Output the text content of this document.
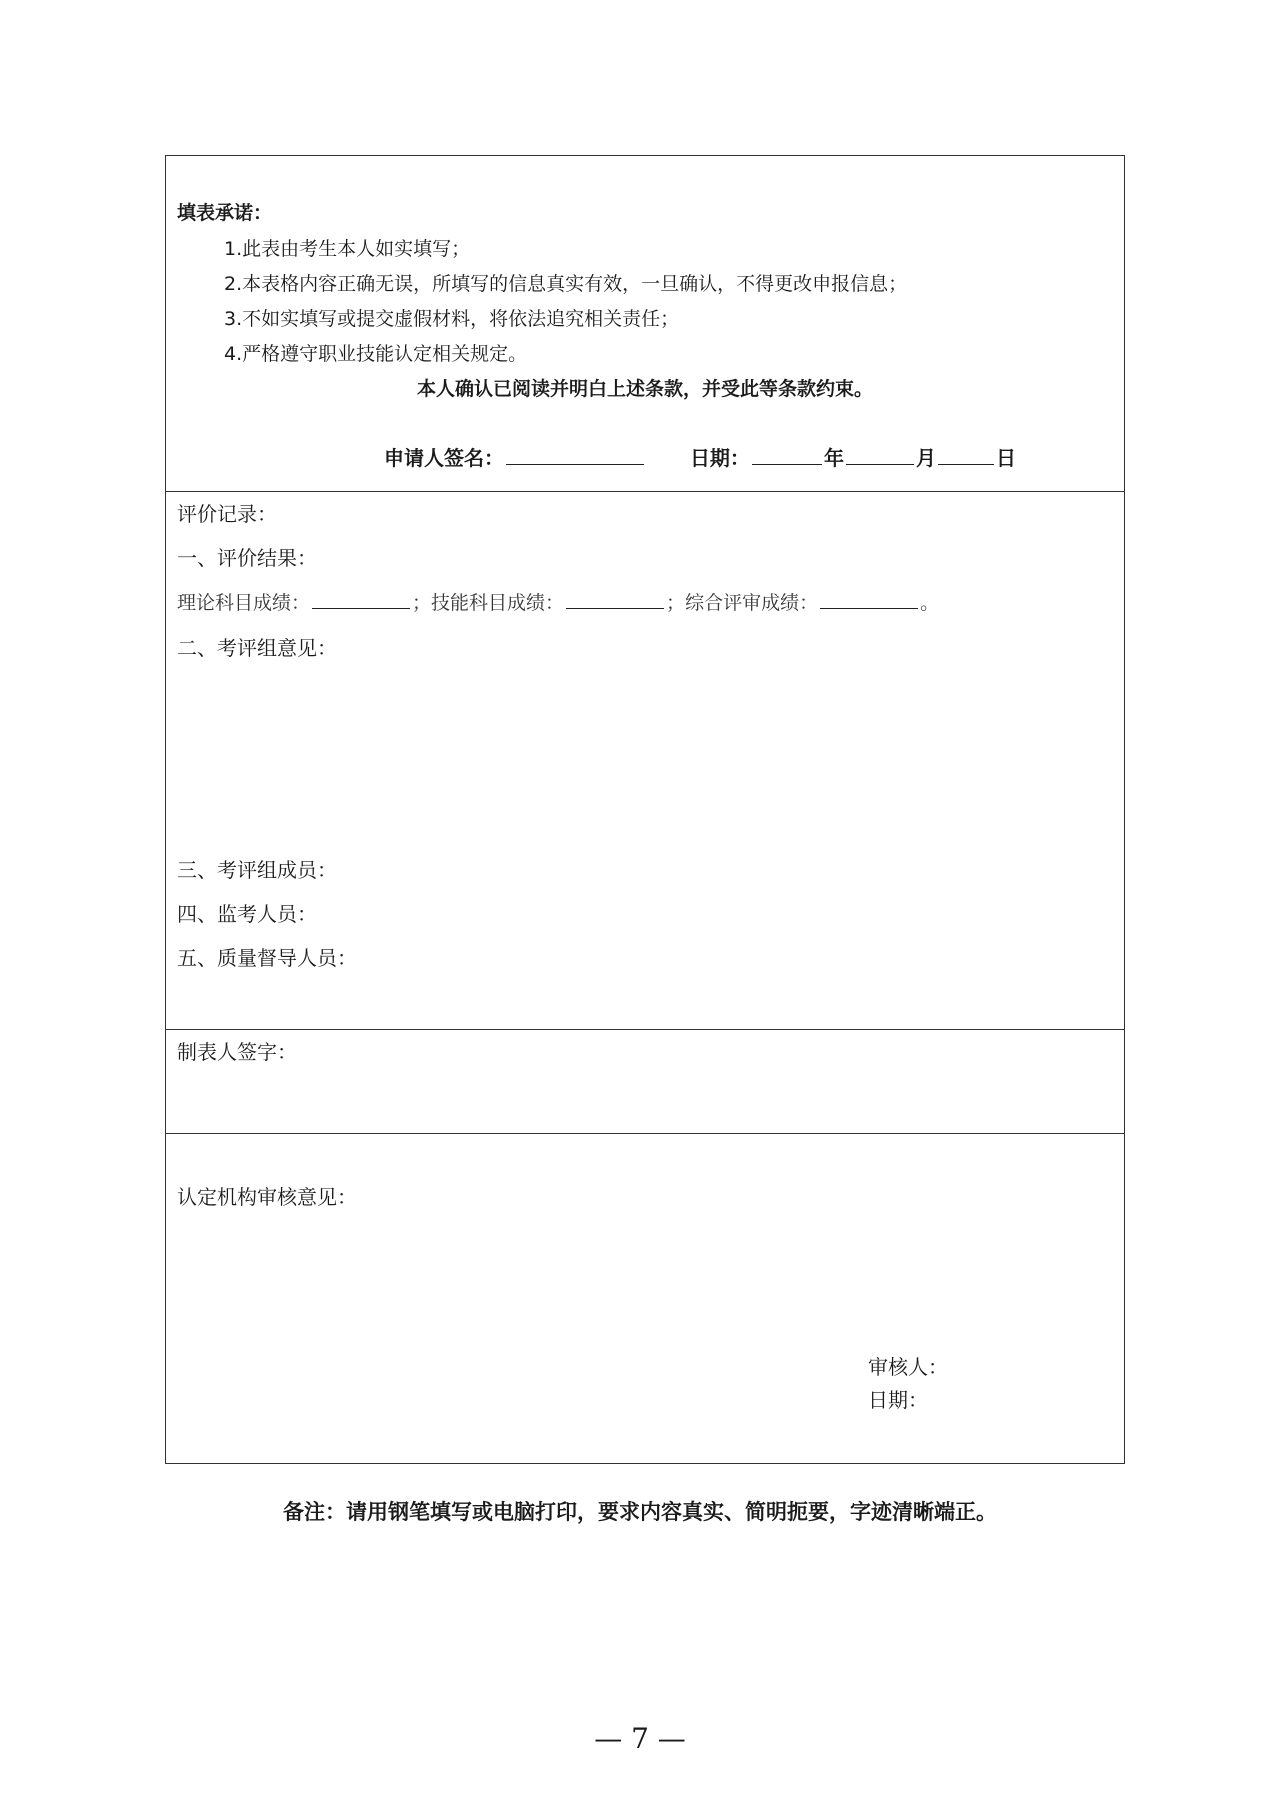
填表承诺：
1.此表由考生本人如实填写；
2.本表格内容正确无误，所填写的信息真实有效，一旦确认，不得更改申报信息；
3.不如实填写或提交虚假材料，将依法追究相关责任；
4.严格遵守职业技能认定相关规定。
本人确认已阅读并明白上述条款，并受此等条款约束。
申请人签名：	日期：	年	月	日
评价记录：
一、评价结果：
理论科目成绩：	；技能科目成绩：	；综合评审成绩：	。
二、考评组意见：
三、考评组成员：
四、监考人员：
五、质量督导人员：
制表人签字：
认定机构审核意见：
审核人：
日期：
备注：请用钢笔填写或电脑打印，要求内容真实、简明扼要，字迹清晰端正。
— 7 —
